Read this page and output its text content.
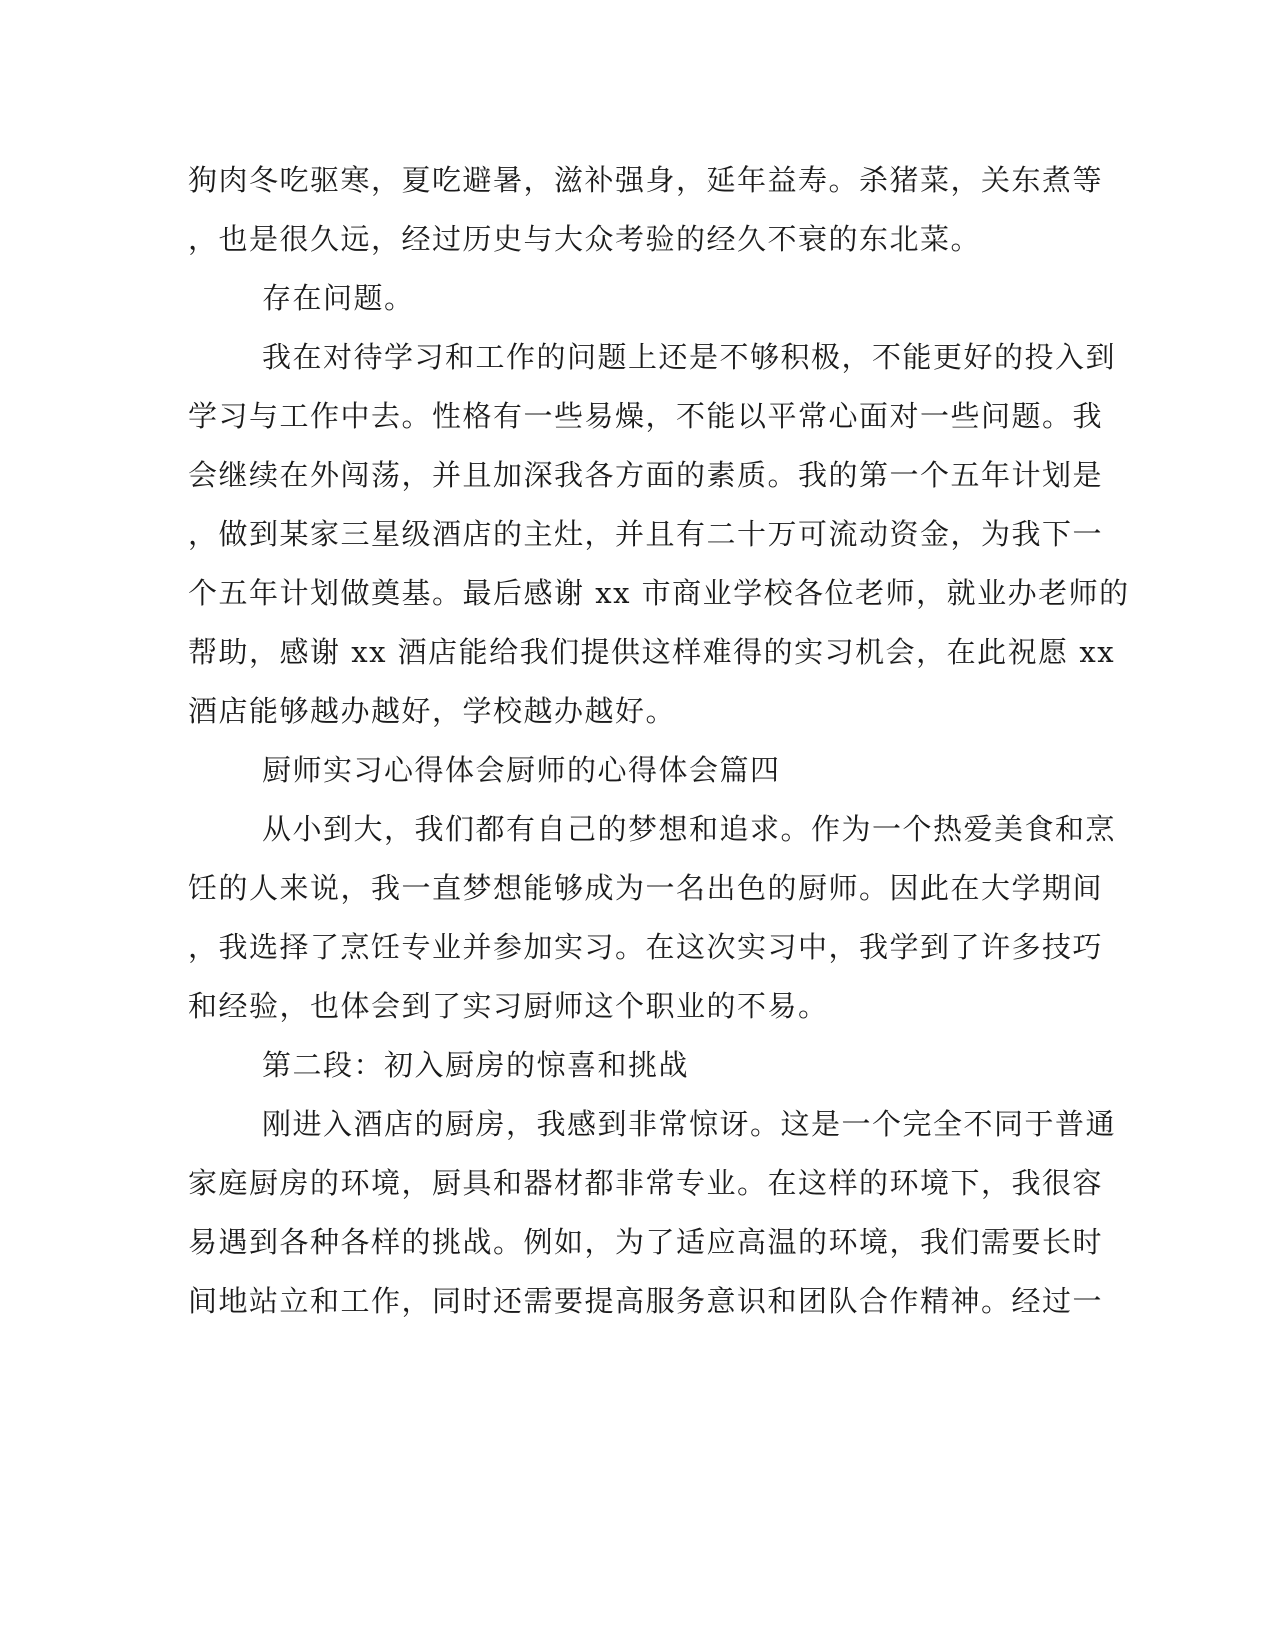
狗肉冬吃驱寒，夏吃避暑，滋补强身，延年益寿。杀猪菜，关东煮等
，也是很久远，经过历史与大众考验的经久不衰的东北菜。
存在问题。
我在对待学习和工作的问题上还是不够积极，不能更好的投入到
学习与工作中去。性格有一些易燥，不能以平常心面对一些问题。我
会继续在外闯荡，并且加深我各方面的素质。我的第一个五年计划是
，做到某家三星级酒店的主灶，并且有二十万可流动资金，为我下一
个五年计划做奠基。最后感谢 xx 市商业学校各位老师，就业办老师的
帮助，感谢 xx 酒店能给我们提供这样难得的实习机会，在此祝愿 xx
酒店能够越办越好，学校越办越好。
厨师实习心得体会厨师的心得体会篇四
从小到大，我们都有自己的梦想和追求。作为一个热爱美食和烹
饪的人来说，我一直梦想能够成为一名出色的厨师。因此在大学期间
，我选择了烹饪专业并参加实习。在这次实习中，我学到了许多技巧
和经验，也体会到了实习厨师这个职业的不易。
第二段：初入厨房的惊喜和挑战
刚进入酒店的厨房，我感到非常惊讶。这是一个完全不同于普通
家庭厨房的环境，厨具和器材都非常专业。在这样的环境下，我很容
易遇到各种各样的挑战。例如，为了适应高温的环境，我们需要长时
间地站立和工作，同时还需要提高服务意识和团队合作精神。经过一
